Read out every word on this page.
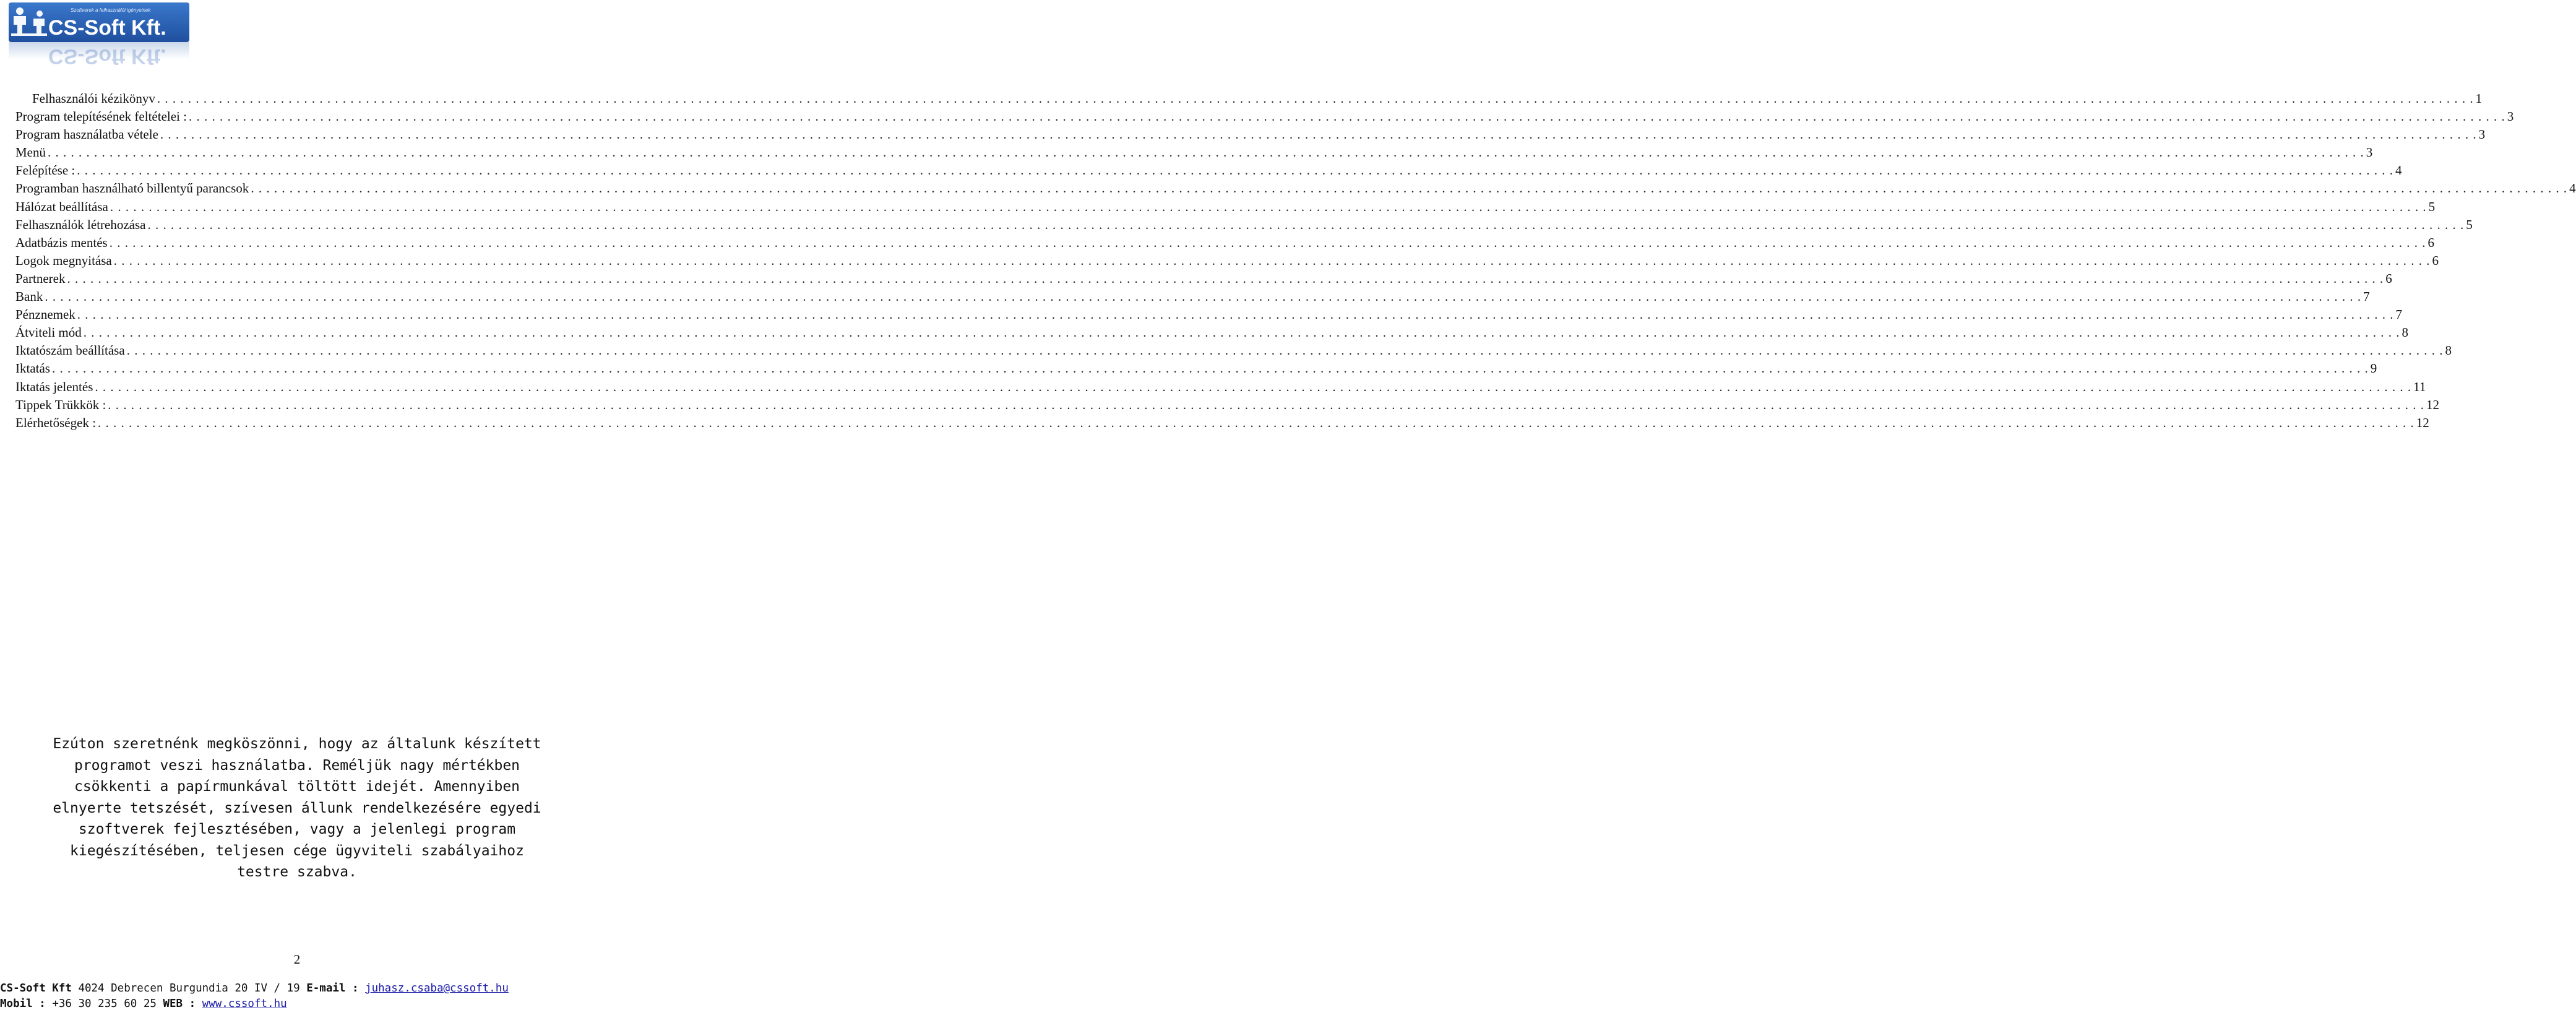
Szoftverek a felhasználói igényeinek
CS-Soft Kft.
CS-Soft Kft.
Felhasználói kézikönyv . . . . . . . . . . . . . . . . . . . . . . . . . . . . . . . . . . . . . . . . . . . . . . . . . . . . . . . . . . . . . . . . . . . . . . . . . . . . . . . . . . . . . . . . . . . . . . . . . . . . . . . . . . . . . . . . . . . . . . . . . . . . . . . . . . . . . . . . . . . . . . . . . . . . . . . . . . . . . . . . . . . . . . . . . . . . . . . . . . . . . . . . . . . . . . . . . . . . . . . . . . . . . . . . . . . . . . . . . . . . . . . . . . . . . . . . . . . . . . . . . . . . . . . . . . . . . . . . . . . . . . . . . . . . . . . . . . . . . . . . . . . . . . . . . . . . . . . . . . . . 1
Program telepítésének feltételei : . . . . . . . . . . . . . . . . . . . . . . . . . . . . . . . . . . . . . . . . . . . . . . . . . . . . . . . . . . . . . . . . . . . . . . . . . . . . . . . . . . . . . . . . . . . . . . . . . . . . . . . . . . . . . . . . . . . . . . . . . . . . . . . . . . . . . . . . . . . . . . . . . . . . . . . . . . . . . . . . . . . . . . . . . . . . . . . . . . . . . . . . . . . . . . . . . . . . . . . . . . . . . . . . . . . . . . . . . . . . . . . . . . . . . . . . . . . . . . . . . . . . . . . . . . . . . . . . . . . . . . . . . . . . . . . . . . . . . . . . . . . . . . . . . . . . . . . . . . . . 3
Program használatba vétele . . . . . . . . . . . . . . . . . . . . . . . . . . . . . . . . . . . . . . . . . . . . . . . . . . . . . . . . . . . . . . . . . . . . . . . . . . . . . . . . . . . . . . . . . . . . . . . . . . . . . . . . . . . . . . . . . . . . . . . . . . . . . . . . . . . . . . . . . . . . . . . . . . . . . . . . . . . . . . . . . . . . . . . . . . . . . . . . . . . . . . . . . . . . . . . . . . . . . . . . . . . . . . . . . . . . . . . . . . . . . . . . . . . . . . . . . . . . . . . . . . . . . . . . . . . . . . . . . . . . . . . . . . . . . . . . . . . . . . . . . . . . . . . . . . . . . . . . . . . . 3
Menü . . . . . . . . . . . . . . . . . . . . . . . . . . . . . . . . . . . . . . . . . . . . . . . . . . . . . . . . . . . . . . . . . . . . . . . . . . . . . . . . . . . . . . . . . . . . . . . . . . . . . . . . . . . . . . . . . . . . . . . . . . . . . . . . . . . . . . . . . . . . . . . . . . . . . . . . . . . . . . . . . . . . . . . . . . . . . . . . . . . . . . . . . . . . . . . . . . . . . . . . . . . . . . . . . . . . . . . . . . . . . . . . . . . . . . . . . . . . . . . . . . . . . . . . . . . . . . . . . . . . . . . . . . . . . . . . . . . . . . . . . . . . . . . . . . . . . . . . . . . . 3
Felépítése : . . . . . . . . . . . . . . . . . . . . . . . . . . . . . . . . . . . . . . . . . . . . . . . . . . . . . . . . . . . . . . . . . . . . . . . . . . . . . . . . . . . . . . . . . . . . . . . . . . . . . . . . . . . . . . . . . . . . . . . . . . . . . . . . . . . . . . . . . . . . . . . . . . . . . . . . . . . . . . . . . . . . . . . . . . . . . . . . . . . . . . . . . . . . . . . . . . . . . . . . . . . . . . . . . . . . . . . . . . . . . . . . . . . . . . . . . . . . . . . . . . . . . . . . . . . . . . . . . . . . . . . . . . . . . . . . . . . . . . . . . . . . . . . . . . . . . . . . . . . . 4
Programban használható billentyű parancsok . . . . . . . . . . . . . . . . . . . . . . . . . . . . . . . . . . . . . . . . . . . . . . . . . . . . . . . . . . . . . . . . . . . . . . . . . . . . . . . . . . . . . . . . . . . . . . . . . . . . . . . . . . . . . . . . . . . . . . . . . . . . . . . . . . . . . . . . . . . . . . . . . . . . . . . . . . . . . . . . . . . . . . . . . . . . . . . . . . . . . . . . . . . . . . . . . . . . . . . . . . . . . . . . . . . . . . . . . . . . . . . . . . . . . . . . . . . . . . . . . . . . . . . . . . . . . . . . . . . . . . . . . . . . . . . . . . . . . . . . . . . . . . . . . . . . . . . . . . . . 4
Hálózat beállítása . . . . . . . . . . . . . . . . . . . . . . . . . . . . . . . . . . . . . . . . . . . . . . . . . . . . . . . . . . . . . . . . . . . . . . . . . . . . . . . . . . . . . . . . . . . . . . . . . . . . . . . . . . . . . . . . . . . . . . . . . . . . . . . . . . . . . . . . . . . . . . . . . . . . . . . . . . . . . . . . . . . . . . . . . . . . . . . . . . . . . . . . . . . . . . . . . . . . . . . . . . . . . . . . . . . . . . . . . . . . . . . . . . . . . . . . . . . . . . . . . . . . . . . . . . . . . . . . . . . . . . . . . . . . . . . . . . . . . . . . . . . . . . . . . . . . . . . . . . . . 5
Felhasználók létrehozása . . . . . . . . . . . . . . . . . . . . . . . . . . . . . . . . . . . . . . . . . . . . . . . . . . . . . . . . . . . . . . . . . . . . . . . . . . . . . . . . . . . . . . . . . . . . . . . . . . . . . . . . . . . . . . . . . . . . . . . . . . . . . . . . . . . . . . . . . . . . . . . . . . . . . . . . . . . . . . . . . . . . . . . . . . . . . . . . . . . . . . . . . . . . . . . . . . . . . . . . . . . . . . . . . . . . . . . . . . . . . . . . . . . . . . . . . . . . . . . . . . . . . . . . . . . . . . . . . . . . . . . . . . . . . . . . . . . . . . . . . . . . . . . . . . . . . . . . . . . . 5
Adatbázis mentés . . . . . . . . . . . . . . . . . . . . . . . . . . . . . . . . . . . . . . . . . . . . . . . . . . . . . . . . . . . . . . . . . . . . . . . . . . . . . . . . . . . . . . . . . . . . . . . . . . . . . . . . . . . . . . . . . . . . . . . . . . . . . . . . . . . . . . . . . . . . . . . . . . . . . . . . . . . . . . . . . . . . . . . . . . . . . . . . . . . . . . . . . . . . . . . . . . . . . . . . . . . . . . . . . . . . . . . . . . . . . . . . . . . . . . . . . . . . . . . . . . . . . . . . . . . . . . . . . . . . . . . . . . . . . . . . . . . . . . . . . . . . . . . . . . . . . . . . . . . . 6
Logok megnyitása . . . . . . . . . . . . . . . . . . . . . . . . . . . . . . . . . . . . . . . . . . . . . . . . . . . . . . . . . . . . . . . . . . . . . . . . . . . . . . . . . . . . . . . . . . . . . . . . . . . . . . . . . . . . . . . . . . . . . . . . . . . . . . . . . . . . . . . . . . . . . . . . . . . . . . . . . . . . . . . . . . . . . . . . . . . . . . . . . . . . . . . . . . . . . . . . . . . . . . . . . . . . . . . . . . . . . . . . . . . . . . . . . . . . . . . . . . . . . . . . . . . . . . . . . . . . . . . . . . . . . . . . . . . . . . . . . . . . . . . . . . . . . . . . . . . . . . . . . . . . 6
Partnerek . . . . . . . . . . . . . . . . . . . . . . . . . . . . . . . . . . . . . . . . . . . . . . . . . . . . . . . . . . . . . . . . . . . . . . . . . . . . . . . . . . . . . . . . . . . . . . . . . . . . . . . . . . . . . . . . . . . . . . . . . . . . . . . . . . . . . . . . . . . . . . . . . . . . . . . . . . . . . . . . . . . . . . . . . . . . . . . . . . . . . . . . . . . . . . . . . . . . . . . . . . . . . . . . . . . . . . . . . . . . . . . . . . . . . . . . . . . . . . . . . . . . . . . . . . . . . . . . . . . . . . . . . . . . . . . . . . . . . . . . . . . . . . . . . . . . . . . . . . . . 6
Bank . . . . . . . . . . . . . . . . . . . . . . . . . . . . . . . . . . . . . . . . . . . . . . . . . . . . . . . . . . . . . . . . . . . . . . . . . . . . . . . . . . . . . . . . . . . . . . . . . . . . . . . . . . . . . . . . . . . . . . . . . . . . . . . . . . . . . . . . . . . . . . . . . . . . . . . . . . . . . . . . . . . . . . . . . . . . . . . . . . . . . . . . . . . . . . . . . . . . . . . . . . . . . . . . . . . . . . . . . . . . . . . . . . . . . . . . . . . . . . . . . . . . . . . . . . . . . . . . . . . . . . . . . . . . . . . . . . . . . . . . . . . . . . . . . . . . . . . . . . . . 7
Pénznemek . . . . . . . . . . . . . . . . . . . . . . . . . . . . . . . . . . . . . . . . . . . . . . . . . . . . . . . . . . . . . . . . . . . . . . . . . . . . . . . . . . . . . . . . . . . . . . . . . . . . . . . . . . . . . . . . . . . . . . . . . . . . . . . . . . . . . . . . . . . . . . . . . . . . . . . . . . . . . . . . . . . . . . . . . . . . . . . . . . . . . . . . . . . . . . . . . . . . . . . . . . . . . . . . . . . . . . . . . . . . . . . . . . . . . . . . . . . . . . . . . . . . . . . . . . . . . . . . . . . . . . . . . . . . . . . . . . . . . . . . . . . . . . . . . . . . . . . . . . . . 7
Átviteli mód . . . . . . . . . . . . . . . . . . . . . . . . . . . . . . . . . . . . . . . . . . . . . . . . . . . . . . . . . . . . . . . . . . . . . . . . . . . . . . . . . . . . . . . . . . . . . . . . . . . . . . . . . . . . . . . . . . . . . . . . . . . . . . . . . . . . . . . . . . . . . . . . . . . . . . . . . . . . . . . . . . . . . . . . . . . . . . . . . . . . . . . . . . . . . . . . . . . . . . . . . . . . . . . . . . . . . . . . . . . . . . . . . . . . . . . . . . . . . . . . . . . . . . . . . . . . . . . . . . . . . . . . . . . . . . . . . . . . . . . . . . . . . . . . . . . . . . . . . . . . 8
Iktatószám beállítása . . . . . . . . . . . . . . . . . . . . . . . . . . . . . . . . . . . . . . . . . . . . . . . . . . . . . . . . . . . . . . . . . . . . . . . . . . . . . . . . . . . . . . . . . . . . . . . . . . . . . . . . . . . . . . . . . . . . . . . . . . . . . . . . . . . . . . . . . . . . . . . . . . . . . . . . . . . . . . . . . . . . . . . . . . . . . . . . . . . . . . . . . . . . . . . . . . . . . . . . . . . . . . . . . . . . . . . . . . . . . . . . . . . . . . . . . . . . . . . . . . . . . . . . . . . . . . . . . . . . . . . . . . . . . . . . . . . . . . . . . . . . . . . . . . . . . . . . . . . . 8
Iktatás . . . . . . . . . . . . . . . . . . . . . . . . . . . . . . . . . . . . . . . . . . . . . . . . . . . . . . . . . . . . . . . . . . . . . . . . . . . . . . . . . . . . . . . . . . . . . . . . . . . . . . . . . . . . . . . . . . . . . . . . . . . . . . . . . . . . . . . . . . . . . . . . . . . . . . . . . . . . . . . . . . . . . . . . . . . . . . . . . . . . . . . . . . . . . . . . . . . . . . . . . . . . . . . . . . . . . . . . . . . . . . . . . . . . . . . . . . . . . . . . . . . . . . . . . . . . . . . . . . . . . . . . . . . . . . . . . . . . . . . . . . . . . . . . . . . . . . . . . . . . 9
Iktatás jelentés . . . . . . . . . . . . . . . . . . . . . . . . . . . . . . . . . . . . . . . . . . . . . . . . . . . . . . . . . . . . . . . . . . . . . . . . . . . . . . . . . . . . . . . . . . . . . . . . . . . . . . . . . . . . . . . . . . . . . . . . . . . . . . . . . . . . . . . . . . . . . . . . . . . . . . . . . . . . . . . . . . . . . . . . . . . . . . . . . . . . . . . . . . . . . . . . . . . . . . . . . . . . . . . . . . . . . . . . . . . . . . . . . . . . . . . . . . . . . . . . . . . . . . . . . . . . . . . . . . . . . . . . . . . . . . . . . . . . . . . . . . . . . . . . . . . . . . . . . . . . 11
Tippek Trükkök : . . . . . . . . . . . . . . . . . . . . . . . . . . . . . . . . . . . . . . . . . . . . . . . . . . . . . . . . . . . . . . . . . . . . . . . . . . . . . . . . . . . . . . . . . . . . . . . . . . . . . . . . . . . . . . . . . . . . . . . . . . . . . . . . . . . . . . . . . . . . . . . . . . . . . . . . . . . . . . . . . . . . . . . . . . . . . . . . . . . . . . . . . . . . . . . . . . . . . . . . . . . . . . . . . . . . . . . . . . . . . . . . . . . . . . . . . . . . . . . . . . . . . . . . . . . . . . . . . . . . . . . . . . . . . . . . . . . . . . . . . . . . . . . . . . . . . . . . . . . . 12
Elérhetőségek : . . . . . . . . . . . . . . . . . . . . . . . . . . . . . . . . . . . . . . . . . . . . . . . . . . . . . . . . . . . . . . . . . . . . . . . . . . . . . . . . . . . . . . . . . . . . . . . . . . . . . . . . . . . . . . . . . . . . . . . . . . . . . . . . . . . . . . . . . . . . . . . . . . . . . . . . . . . . . . . . . . . . . . . . . . . . . . . . . . . . . . . . . . . . . . . . . . . . . . . . . . . . . . . . . . . . . . . . . . . . . . . . . . . . . . . . . . . . . . . . . . . . . . . . . . . . . . . . . . . . . . . . . . . . . . . . . . . . . . . . . . . . . . . . . . . . . . . . . . . . 12
Ezúton szeretnénk megköszönni, hogy az általunk készített
programot veszi használatba. Reméljük nagy mértékben
csökkenti a papírmunkával töltött idejét. Amennyiben
elnyerte tetszését, szívesen állunk rendelkezésére egyedi
szoftverek fejlesztésében, vagy a jelenlegi program
kiegészítésében, teljesen cége ügyviteli szabályaihoz
testre szabva.
2
CS-Soft Kft 4024 Debrecen Burgundia 20 IV / 19 E-mail : juhasz.csaba@cssoft.hu
Mobil : +36 30 235 60 25 WEB : www.cssoft.hu
